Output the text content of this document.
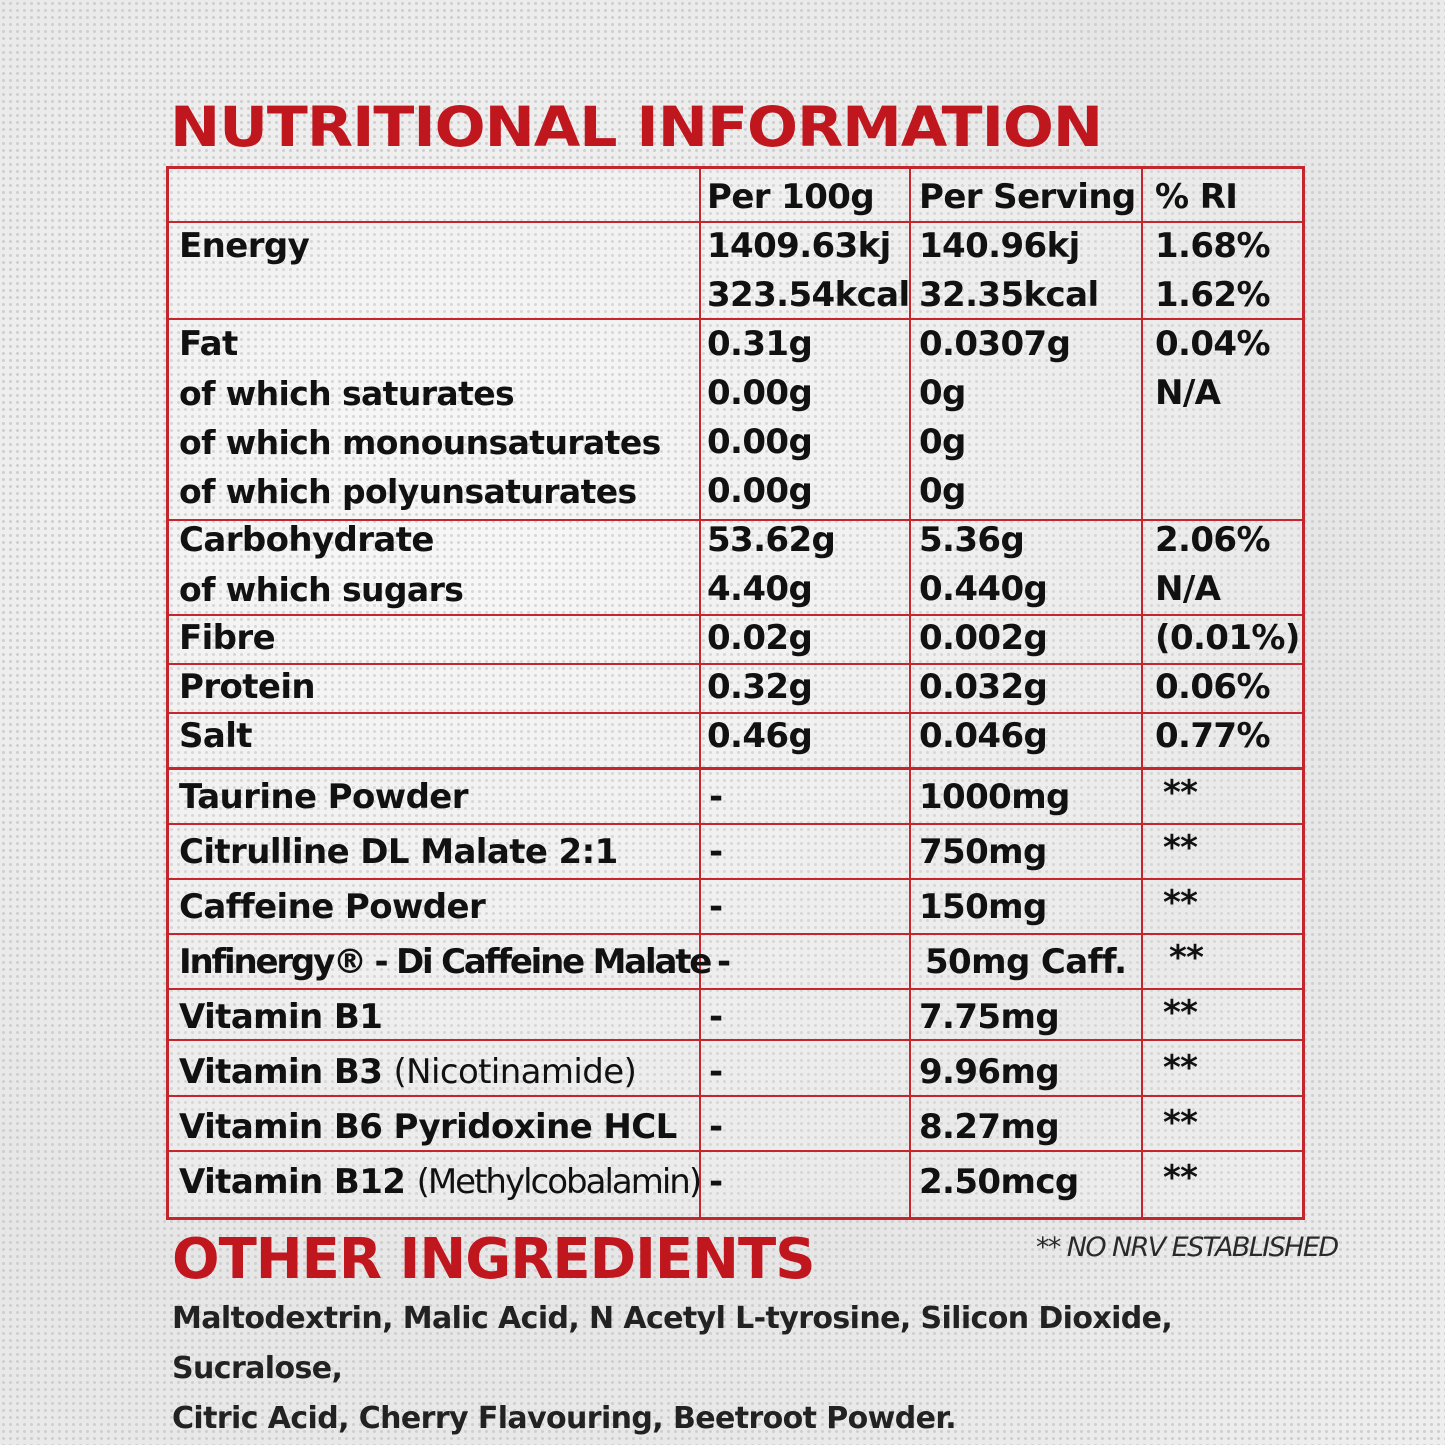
NUTRITIONAL INFORMATION
Per 100g Per Serving % RI
Energy	1409.63kj 140.96kj 1.68%
323.54kcal 32.35kcal 1.62%
Fat	0.31g	0.0307g 0.04%
of which saturates	0.00g	0g	N/A
of which monounsaturates 0.00g	0g
of which polyunsaturates 0.00g	0g
Carbohydrate	53.62g 5.36g	2.06%
of which sugars	4.40g	0.440g	N/A
Fibre	0.02g	0.002g	(0.01%)
Protein	0.32g	0.032g	0.06%
Salt	0.46g	0.046g	0.77%
Taurine Powder	-	1000mg	**
Citrulline DL Malate 2:1	-	750mg	**
Caffeine Powder	-	150mg	**
Infinergy® - Di Caffeine Malate -	50mg Caff. **
Vitamin B1	-	7.75mg	**
Vitamin B3 (Nicotinamide) -	9.96mg	**
Vitamin B6 Pyridoxine HCL -	8.27mg	**
Vitamin B12 (Methylcobalamin) -	2.50mcg **
OTHER INGREDIENTS	** NO NRV ESTABLISHED
Maltodextrin, Malic Acid, N Acetyl L-tyrosine, Silicon Dioxide, Sucralose,
Citric Acid, Cherry Flavouring, Beetroot Powder.
